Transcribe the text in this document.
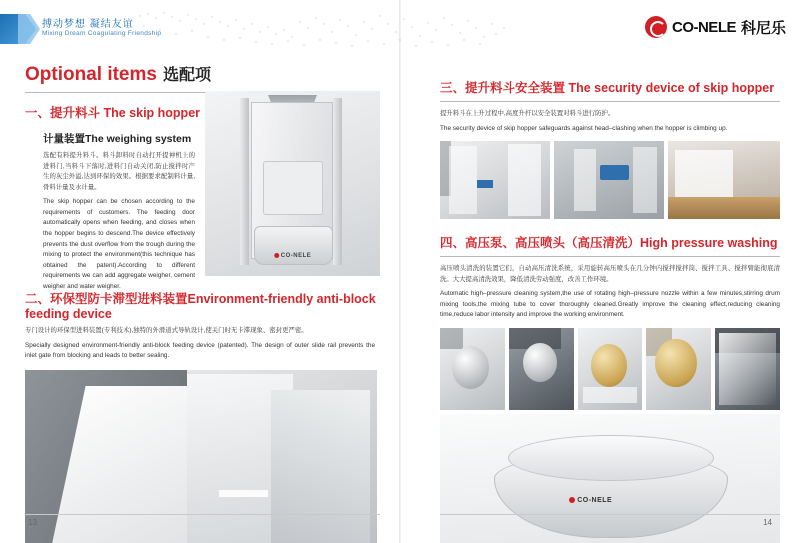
搏动梦想 凝结友谊
Mixing Dream Coagulating Friendship	CO-NELE 科尼乐
Optional items 选配项
一、提升料斗 The skip hopper
计量装置The weighing system

选配有料提升料斗。料斗卸料时自动打开提神机上的进料门,当料斗下落时,进料门自动关闭,防止搅拌时产生的灰尘外溢,达到环保的效果。根据要求配制料计量,骨料计量及水计量。

The skip hopper can be chosen according to the requirements of customers. The feeding door automatically opens when feeding, and closes when the hopper begins to descend.The device effectively prevents the dust overflow from the trough during the mixing to protect the environment(this technique has obtained the patent).According to different requirements we can add aggregate weigher, cement weigher and water weigher.

CO-NELE
二、环保型防卡滞型进料装置Environment-friendly anti-block feeding device

专门设计的环保型进料装置(专利技术),独特的外滑道式导轨设计,使关门时无卡滞现象、密封更严密。

Specially designed environment-friendly anti-block feeding device (patented). The design of outer slide rail prevents the inlet gate from blocking and leads to better sealing.

三、提升料斗安全装置 The security device of skip hopper

提升料斗在上升过程中,高度升杆以安全装置对料斗进行防护。

The security device of skip hopper safeguards against head–clashing when the hopper is climbing up.

四、高压泵、高压喷头（高压清洗）High pressure washing

高压喷头清洗的装置它们，自动高压清洗系统，采用旋转高压喷头在几分钟内搅拌搅拌筒、搅拌工具、搅拌臂能彻底清洗。大大提高清洗效果，降低清洗劳动强度，改善工作环境。

Automatic high–pressure cleaning system,the use of rotating high–pressure nozzle within a few minutes,stirring drum mixing tools,the mixing tube to cover thoroughly cleaned.Greatly improve the cleaning effect,reducing cleaning time,reduce labor intensity and improve the working environment.

CO-NELE
13	14
